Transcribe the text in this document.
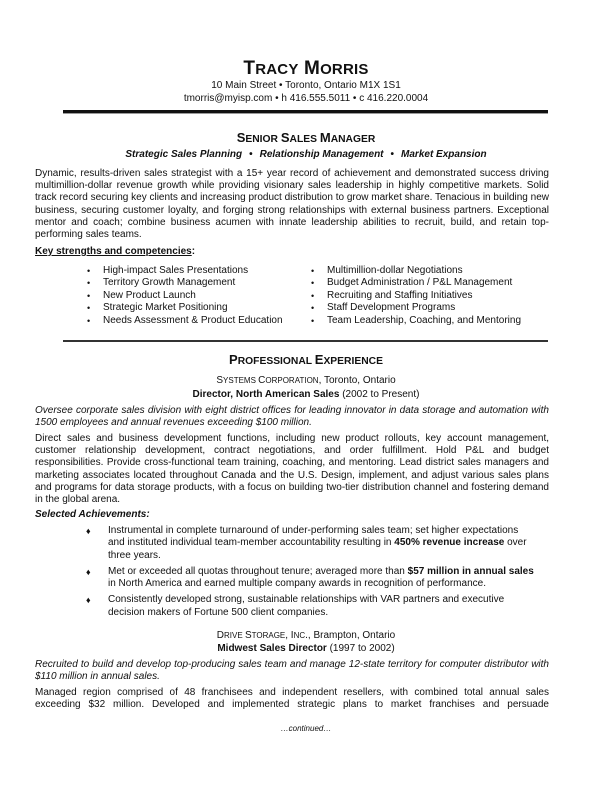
TRACY MORRIS
10 Main Street • Toronto, Ontario M1X 1S1
tmorris@myisp.com • h 416.555.5011 • c 416.220.0004
SENIOR SALES MANAGER
Strategic Sales Planning • Relationship Management • Market Expansion
Dynamic, results-driven sales strategist with a 15+ year record of achievement and demonstrated success driving multimillion-dollar revenue growth while providing visionary sales leadership in highly competitive markets. Solid track record securing key clients and increasing product distribution to grow market share. Tenacious in building new business, securing customer loyalty, and forging strong relationships with external business partners. Exceptional mentor and coach; combine business acumen with innate leadership abilities to recruit, build, and retain top-performing sales teams.
Key strengths and competencies:
• High-impact Sales Presentations
• Territory Growth Management
• New Product Launch
• Strategic Market Positioning
• Needs Assessment & Product Education
• Multimillion-dollar Negotiations
• Budget Administration / P&L Management
• Recruiting and Staffing Initiatives
• Staff Development Programs
• Team Leadership, Coaching, and Mentoring
PROFESSIONAL EXPERIENCE
SYSTEMS CORPORATION, Toronto, Ontario
Director, North American Sales (2002 to Present)
Oversee corporate sales division with eight district offices for leading innovator in data storage and automation with 1500 employees and annual revenues exceeding $100 million.
Direct sales and business development functions, including new product rollouts, key account management, customer relationship development, contract negotiations, and order fulfillment. Hold P&L and budget responsibilities. Provide cross-functional team training, coaching, and mentoring. Lead district sales managers and marketing associates located throughout Canada and the U.S. Design, implement, and adjust various sales plans and programs for data storage products, with a focus on building two-tier distribution channel and fostering demand in the global arena.
Selected Achievements:
♦ Instrumental in complete turnaround of under-performing sales team; set higher expectations and instituted individual team-member accountability resulting in 450% revenue increase over three years.
♦ Met or exceeded all quotas throughout tenure; averaged more than $57 million in annual sales in North America and earned multiple company awards in recognition of performance.
♦ Consistently developed strong, sustainable relationships with VAR partners and executive decision makers of Fortune 500 client companies.
DRIVE STORAGE, INC., Brampton, Ontario
Midwest Sales Director (1997 to 2002)
Recruited to build and develop top-producing sales team and manage 12-state territory for computer distributor with $110 million in annual sales.
Managed region comprised of 48 franchisees and independent resellers, with combined total annual sales exceeding $32 million. Developed and implemented strategic plans to market franchises and persuade
…continued…
